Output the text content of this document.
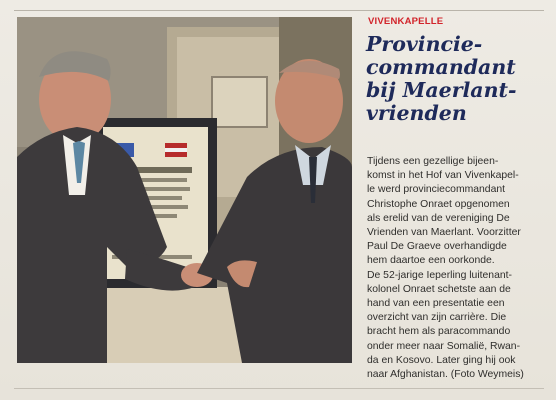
VIVENKAPELLE
Provincie-
commandant
bij Maerlant-
vrienden
Tijdens een gezellige bijeen-
komst in het Hof van Vivenkapel-
le werd provinciecommandant
Christophe Onraet opgenomen
als erelid van de vereniging De
Vrienden van Maerlant. Voorzitter
Paul De Graeve overhandigde
hem daartoe een oorkonde.
De 52-jarige Ieperling luitenant-
kolonel Onraet schetste aan de
hand van een presentatie een
overzicht van zijn carrière. Die
bracht hem als paracommando
onder meer naar Somalië, Rwan-
da en Kosovo. Later ging hij ook
naar Afghanistan. (Foto Weymeis)
